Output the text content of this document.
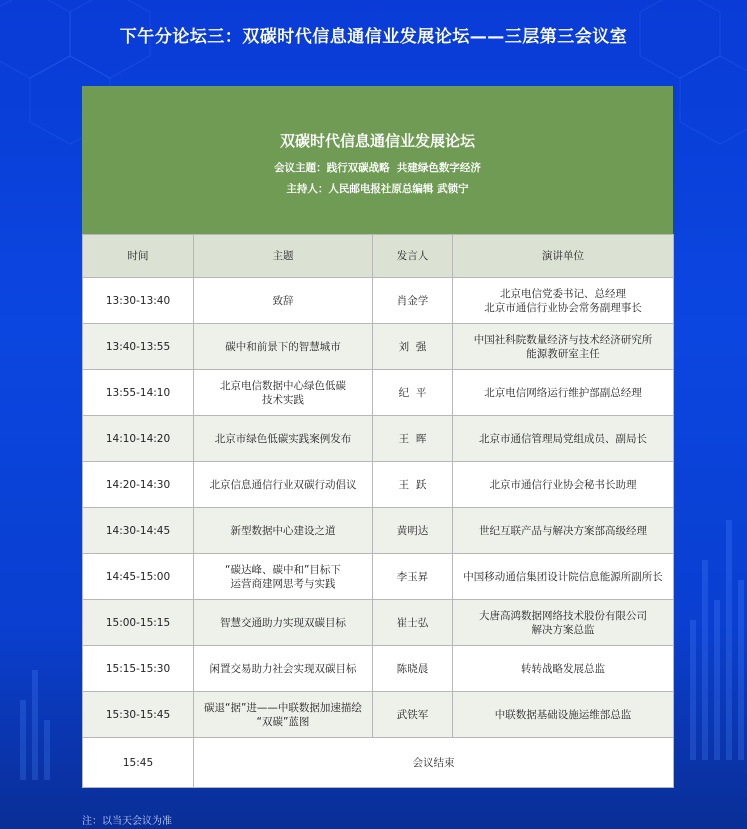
下午分论坛三：双碳时代信息通信业发展论坛——三层第三会议室
双碳时代信息通信业发展论坛
会议主题：践行双碳战略  共建绿色数字经济
主持人：人民邮电报社原总编辑 武锁宁
时间	主题	发言人	演讲单位
13:30-13:40	致辞	肖金学	北京电信党委书记、总经理
北京市通信行业协会常务副理事长
13:40-13:55	碳中和前景下的智慧城市	刘  强	中国社科院数量经济与技术经济研究所
能源教研室主任
13:55-14:10	北京电信数据中心绿色低碳
技术实践	纪  平	北京电信网络运行维护部副总经理
14:10-14:20	北京市绿色低碳实践案例发布	王  晖	北京市通信管理局党组成员、副局长
14:20-14:30	北京信息通信行业双碳行动倡议	王  跃	北京市通信行业协会秘书长助理
14:30-14:45	新型数据中心建设之道	黄明达	世纪互联产品与解决方案部高级经理
14:45-15:00	“碳达峰、碳中和”目标下
运营商建网思考与实践	李玉昇	中国移动通信集团设计院信息能源所副所长
15:00-15:15	智慧交通助力实现双碳目标	崔士弘	大唐高鸿数据网络技术股份有限公司
解决方案总监
15:15-15:30	闲置交易助力社会实现双碳目标	陈晓晨	转转战略发展总监
15:30-15:45	碳退“据”进——中联数据加速描绘
“双碳”蓝图	武铁军	中联数据基础设施运维部总监
15:45	会议结束		
注：以当天会议为准
